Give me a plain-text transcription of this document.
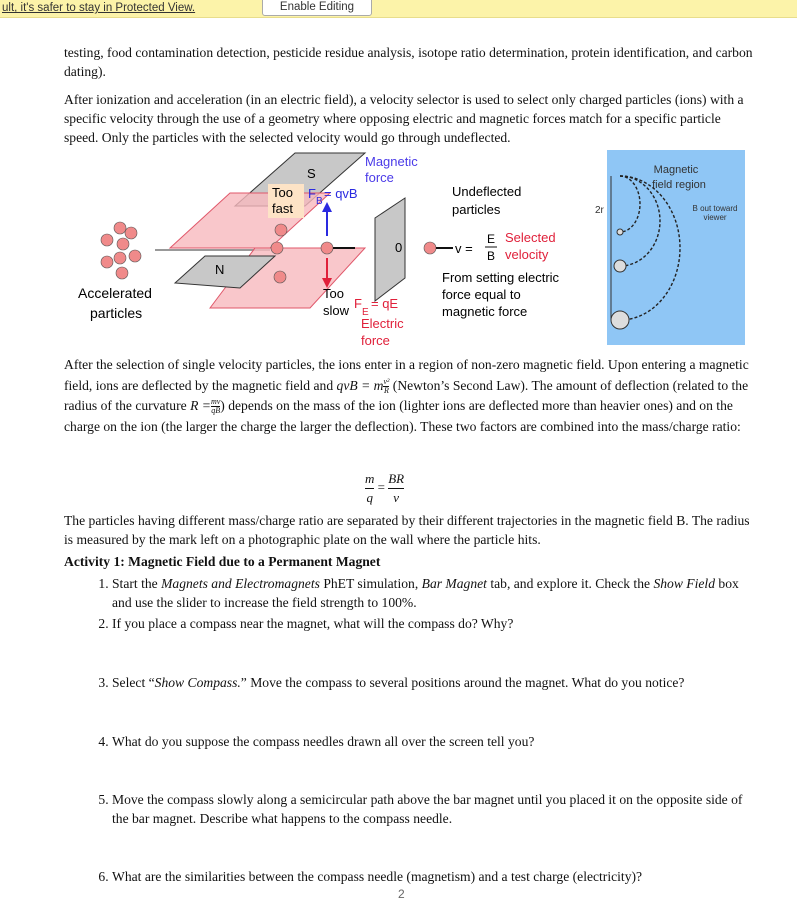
ult, it's safer to stay in Protected View.	Enable Editing

testing, food contamination detection, pesticide residue analysis, isotope ratio determination, protein identification, and carbon dating).

After ionization and acceleration (in an electric field), a velocity selector is used to select only charged particles (ions) with a specific velocity through the use of a geometry where opposing electric and magnetic forces match for a specific particle speed. Only the particles with the selected velocity would go through undeflected.

Accelerated
particles
S
N
Too
fast
Magnetic
force
F
B
= qvB
0
Undeflected
particles
v =
E
B
Selected
velocity
From setting electric
force equal to
magnetic force
Too
slow F
E
= qE
Electric
force
Magnetic
field region
B out toward
viewer
2r

After the selection of single velocity particles, the ions enter in a region of non-zero magnetic field. Upon entering a magnetic field, ions are deflected by the magnetic field and qvB = m $\frac{\text{v²}}{R}$ (Newton’s Second Law). The amount of deflection (related to the radius of the curvature $R = \frac{mv}{qB}$ ) depends on the mass of the ion (lighter ions are deflected more than heavier ones) and on the charge on the ion (the larger the charge the larger the deflection). These two factors are combined into the mass/charge ratio:

$\frac{m}{q} = \frac{BR}{v}$

The particles having different mass/charge ratio are separated by their different trajectories in the magnetic field B. The radius is measured by the mark left on a photographic plate on the wall where the particle hits.

Activity 1: Magnetic Field due to a Permanent Magnet
1. Start the Magnets and Electromagnets PhET simulation, Bar Magnet tab, and explore it. Check the Show Field box and use the slider to increase the field strength to 100%.
2. If you place a compass near the magnet, what will the compass do? Why?
3. Select “Show Compass.” Move the compass to several positions around the magnet. What do you notice?
4. What do you suppose the compass needles drawn all over the screen tell you?
5. Move the compass slowly along a semicircular path above the bar magnet until you placed it on the opposite side of the bar magnet. Describe what happens to the compass needle.
6. What are the similarities between the compass needle (magnetism) and a test charge (electricity)?
2
